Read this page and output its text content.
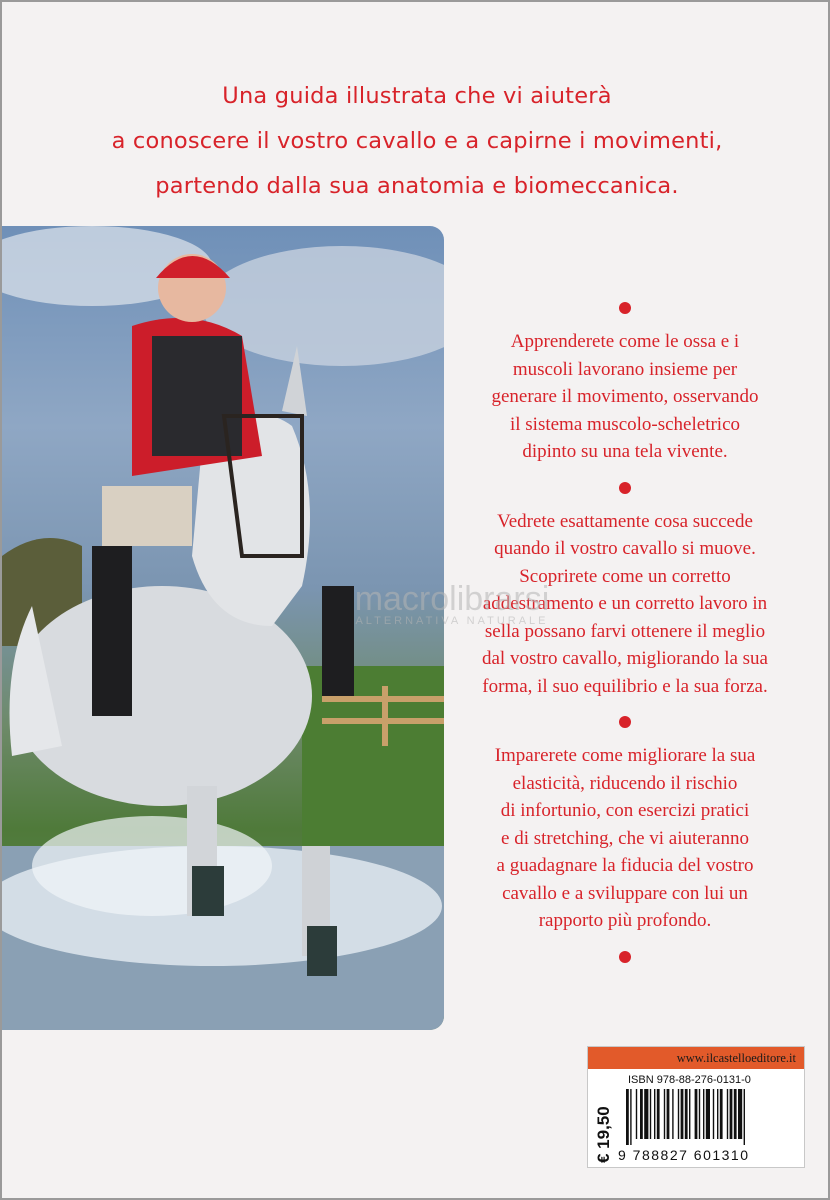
Una guida illustrata che vi aiuterà
a conoscere il vostro cavallo e a capirne i movimenti,
partendo dalla sua anatomia e biomeccanica.
Apprenderete come le ossa e i
muscoli lavorano insieme per
generare il movimento, osservando
il sistema muscolo-scheletrico
dipinto su una tela vivente.
Vedrete esattamente cosa succede
quando il vostro cavallo si muove.
Scoprirete come un corretto
addestramento e un corretto lavoro in
sella possano farvi ottenere il meglio
dal vostro cavallo, migliorando la sua
forma, il suo equilibrio e la sua forza.
Imparerete come migliorare la sua
elasticità, riducendo il rischio
di infortunio, con esercizi pratici
e di stretching, che vi aiuteranno
a guadagnare la fiducia del vostro
cavallo e a sviluppare con lui un
rapporto più profondo.
macrolibrarsi
ALTERNATIVA NATURALE
www.ilcastelloeditore.it
ISBN 978-88-276-0131-0
€ 19,50 9 788827 601310
